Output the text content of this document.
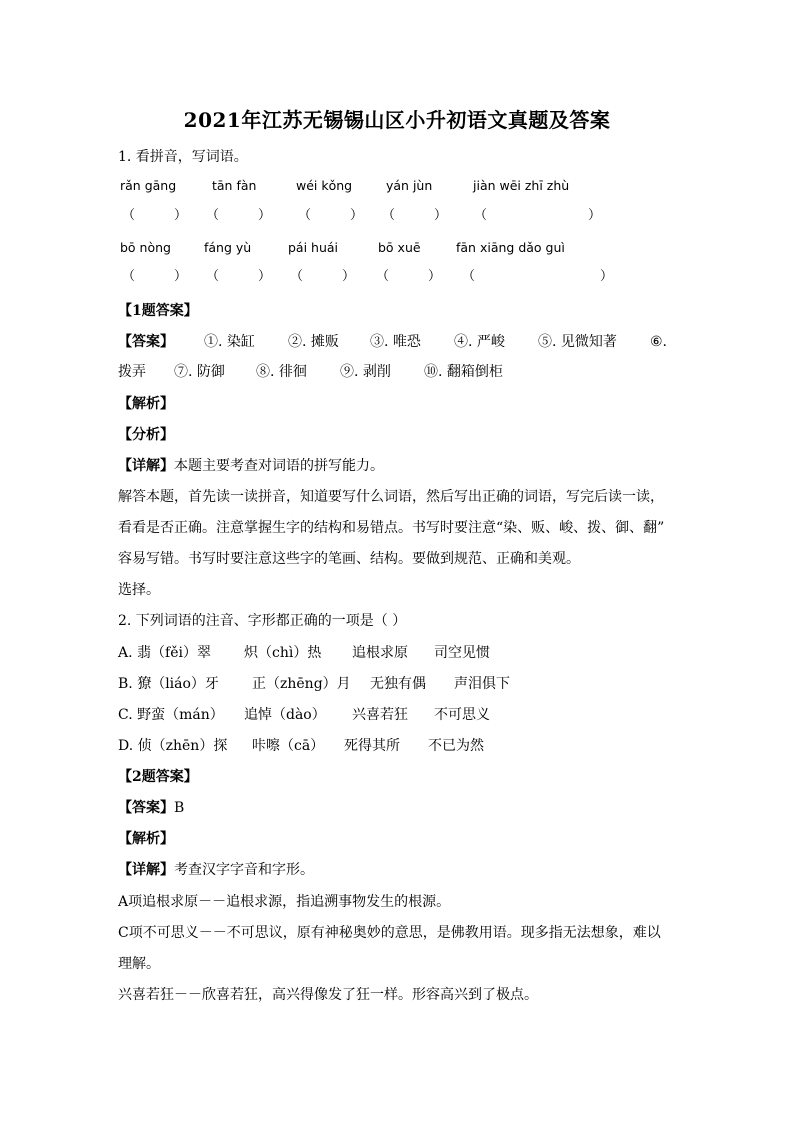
2021年江苏无锡锡山区小升初语文真题及答案
1. 看拼音，写词语。
rǎn gāng	tān fàn	wéi kǒng	yán jùn	jiàn wēi zhī zhù
（	） （	） （	） （	） （	）
bō nòng	fáng yù	pái huái	bō xuē	fān xiāng dǎo guì
（	） （	） （	） （	） （	）
【1题答案】
【答案】 ①. 染缸 ②. 摊贩 ③. 唯恐 ④. 严峻 ⑤. 见微知著 ⑥.
拨弄 ⑦. 防御 ⑧. 徘徊 ⑨. 剥削 ⑩. 翻箱倒柜
【解析】
【分析】
【详解】本题主要考查对词语的拼写能力。
解答本题，首先读一读拼音，知道要写什么词语，然后写出正确的词语，写完后读一读，
看看是否正确。注意掌握生字的结构和易错点。书写时要注意“染、贩、峻、拨、御、翻”
容易写错。书写时要注意这些字的笔画、结构。要做到规范、正确和美观。
选择。
2. 下列词语的注音、字形都正确的一项是（ ）
A. 翡（fěi）翠 炽（chì）热 追根求原 司空见惯
B. 獠（liáo）牙 正（zhēng）月 无独有偶 声泪俱下
C. 野蛮（mán） 追悼（dào） 兴喜若狂 不可思义
D. 侦（zhēn）探 咔嚓（cā） 死得其所 不已为然
【2题答案】
【答案】B
【解析】
【详解】考查汉字字音和字形。
A项追根求原－－追根求源，指追溯事物发生的根源。
C项不可思义－－不可思议，原有神秘奥妙的意思，是佛教用语。现多指无法想象，难以
理解。
兴喜若狂－－欣喜若狂，高兴得像发了狂一样。形容高兴到了极点。
